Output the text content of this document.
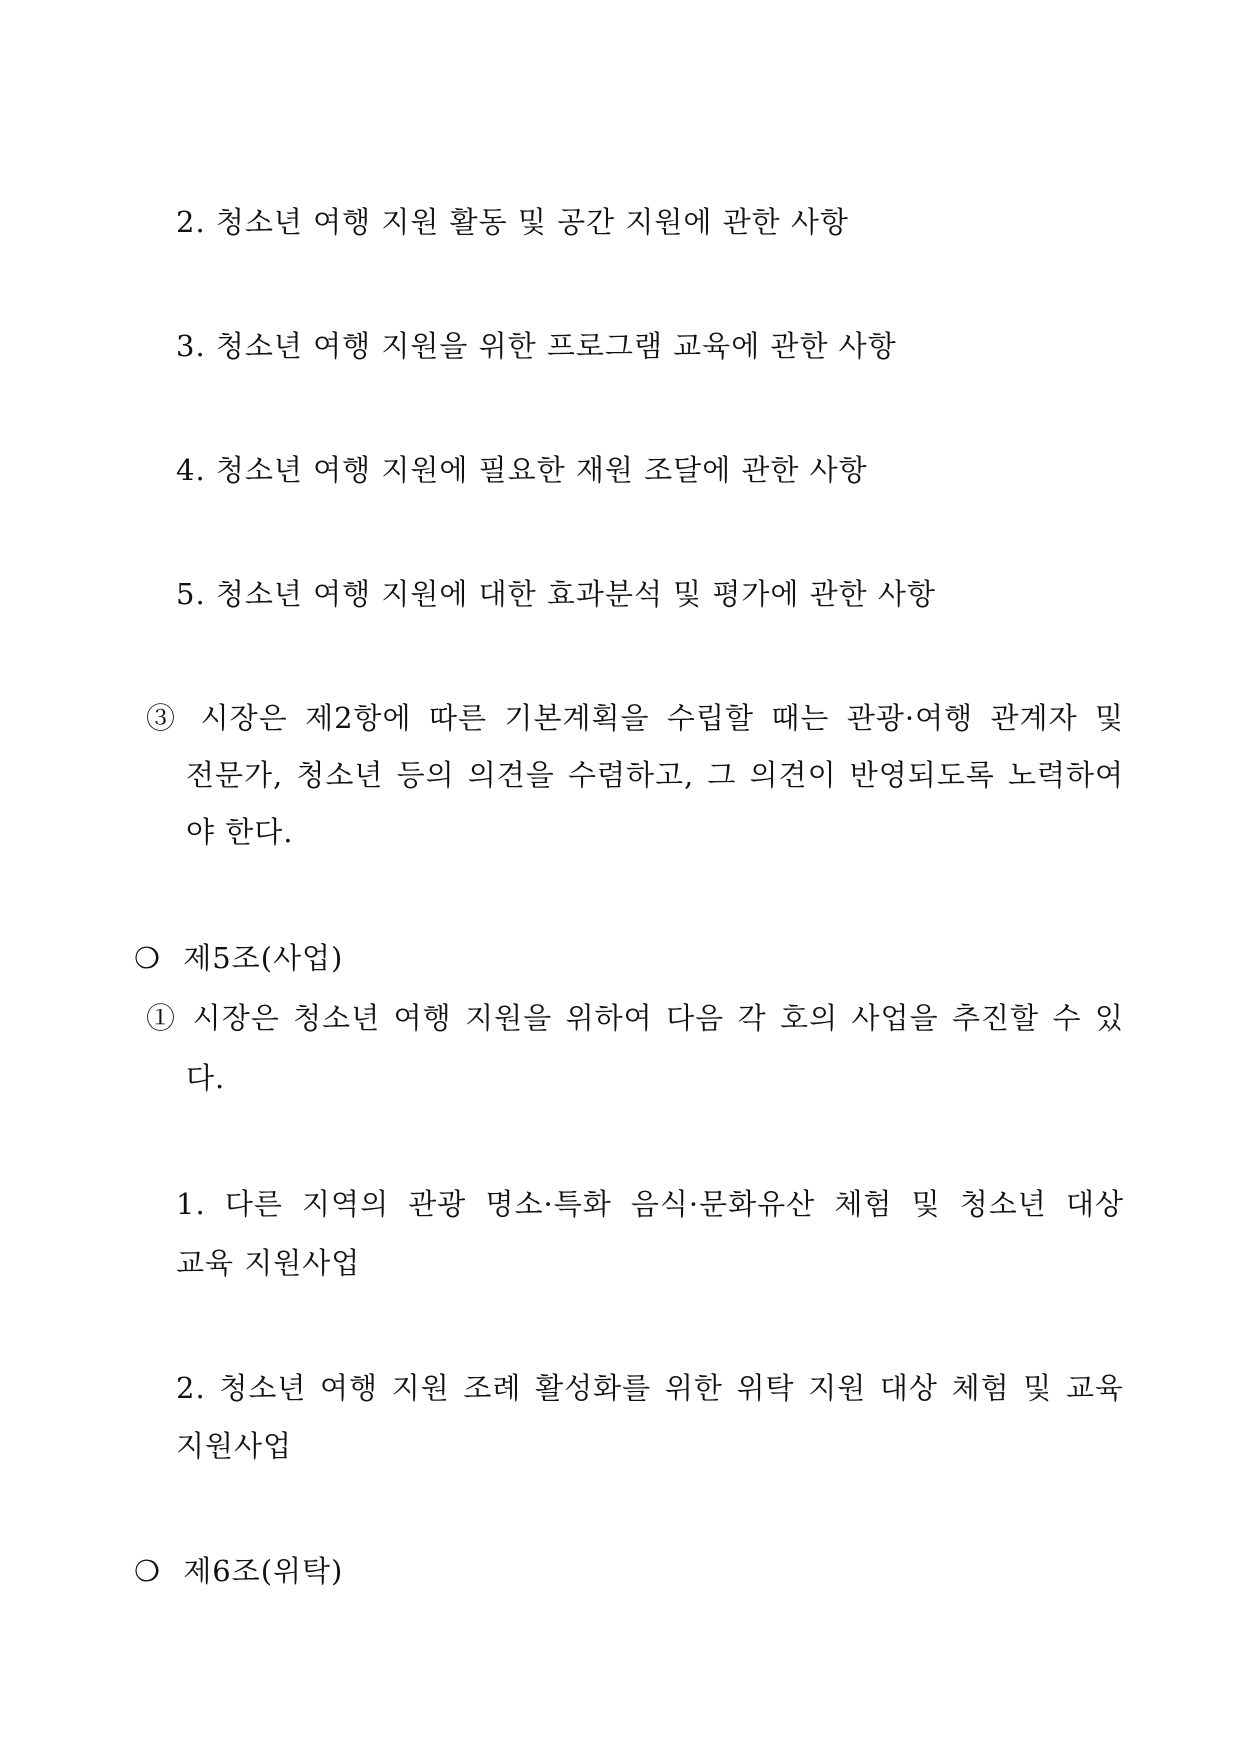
2. 청소년 여행 지원 활동 및 공간 지원에 관한 사항
3. 청소년 여행 지원을 위한 프로그램 교육에 관한 사항
4. 청소년 여행 지원에 필요한 재원 조달에 관한 사항
5. 청소년 여행 지원에 대한 효과분석 및 평가에 관한 사항
③ 시장은 제2항에 따른 기본계획을 수립할 때는 관광·여행 관계자 및
전문가, 청소년 등의 의견을 수렴하고, 그 의견이 반영되도록 노력하여
야 한다.
❍ 제5조(사업)
① 시장은 청소년 여행 지원을 위하여 다음 각 호의 사업을 추진할 수 있
다.
1. 다른 지역의 관광 명소·특화 음식·문화유산 체험 및 청소년 대상
교육 지원사업
2. 청소년 여행 지원 조례 활성화를 위한 위탁 지원 대상 체험 및 교육
지원사업
❍ 제6조(위탁)
